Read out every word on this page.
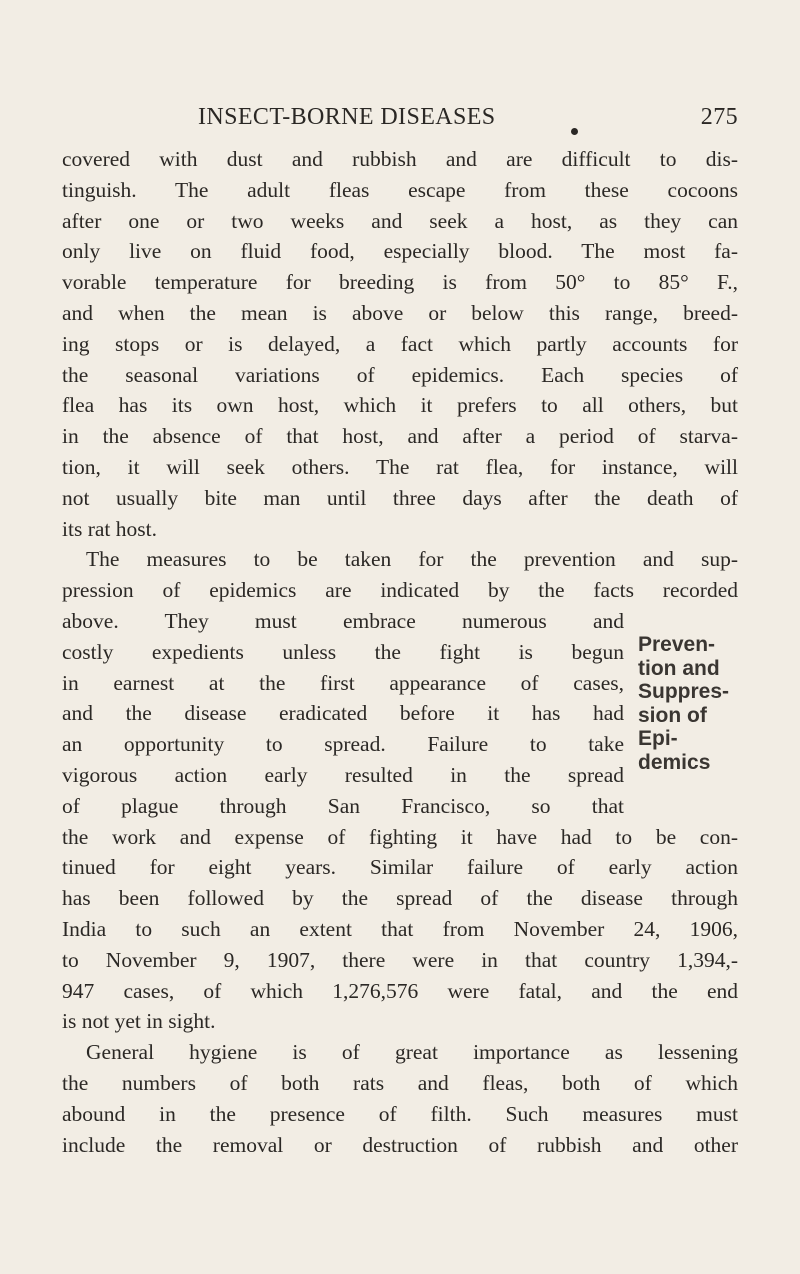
INSECT-BORNE DISEASES	275
covered with dust and rubbish and are difficult to dis-
tinguish. The adult fleas escape from these cocoons
after one or two weeks and seek a host, as they can
only live on fluid food, especially blood. The most fa-
vorable temperature for breeding is from 50° to 85° F.,
and when the mean is above or below this range, breed-
ing stops or is delayed, a fact which partly accounts for
the seasonal variations of epidemics. Each species of
flea has its own host, which it prefers to all others, but
in the absence of that host, and after a period of starva-
tion, it will seek others. The rat flea, for instance, will
not usually bite man until three days after the death of
its rat host.
The measures to be taken for the prevention and sup-
pression of epidemics are indicated by the facts recorded
above. They must embrace numerous and
costly expedients unless the fight is begun
in earnest at the first appearance of cases,
and the disease eradicated before it has had
an opportunity to spread. Failure to take
vigorous action early resulted in the spread
of plague through San Francisco, so that
the work and expense of fighting it have had to be con-
tinued for eight years. Similar failure of early action
has been followed by the spread of the disease through
India to such an extent that from November 24, 1906,
to November 9, 1907, there were in that country 1,394,-
947 cases, of which 1,276,576 were fatal, and the end
is not yet in sight.
General hygiene is of great importance as lessening
the numbers of both rats and fleas, both of which
abound in the presence of filth. Such measures must
include the removal or destruction of rubbish and other
Preven-
tion and
Suppres-
sion of
Epi-
demics
